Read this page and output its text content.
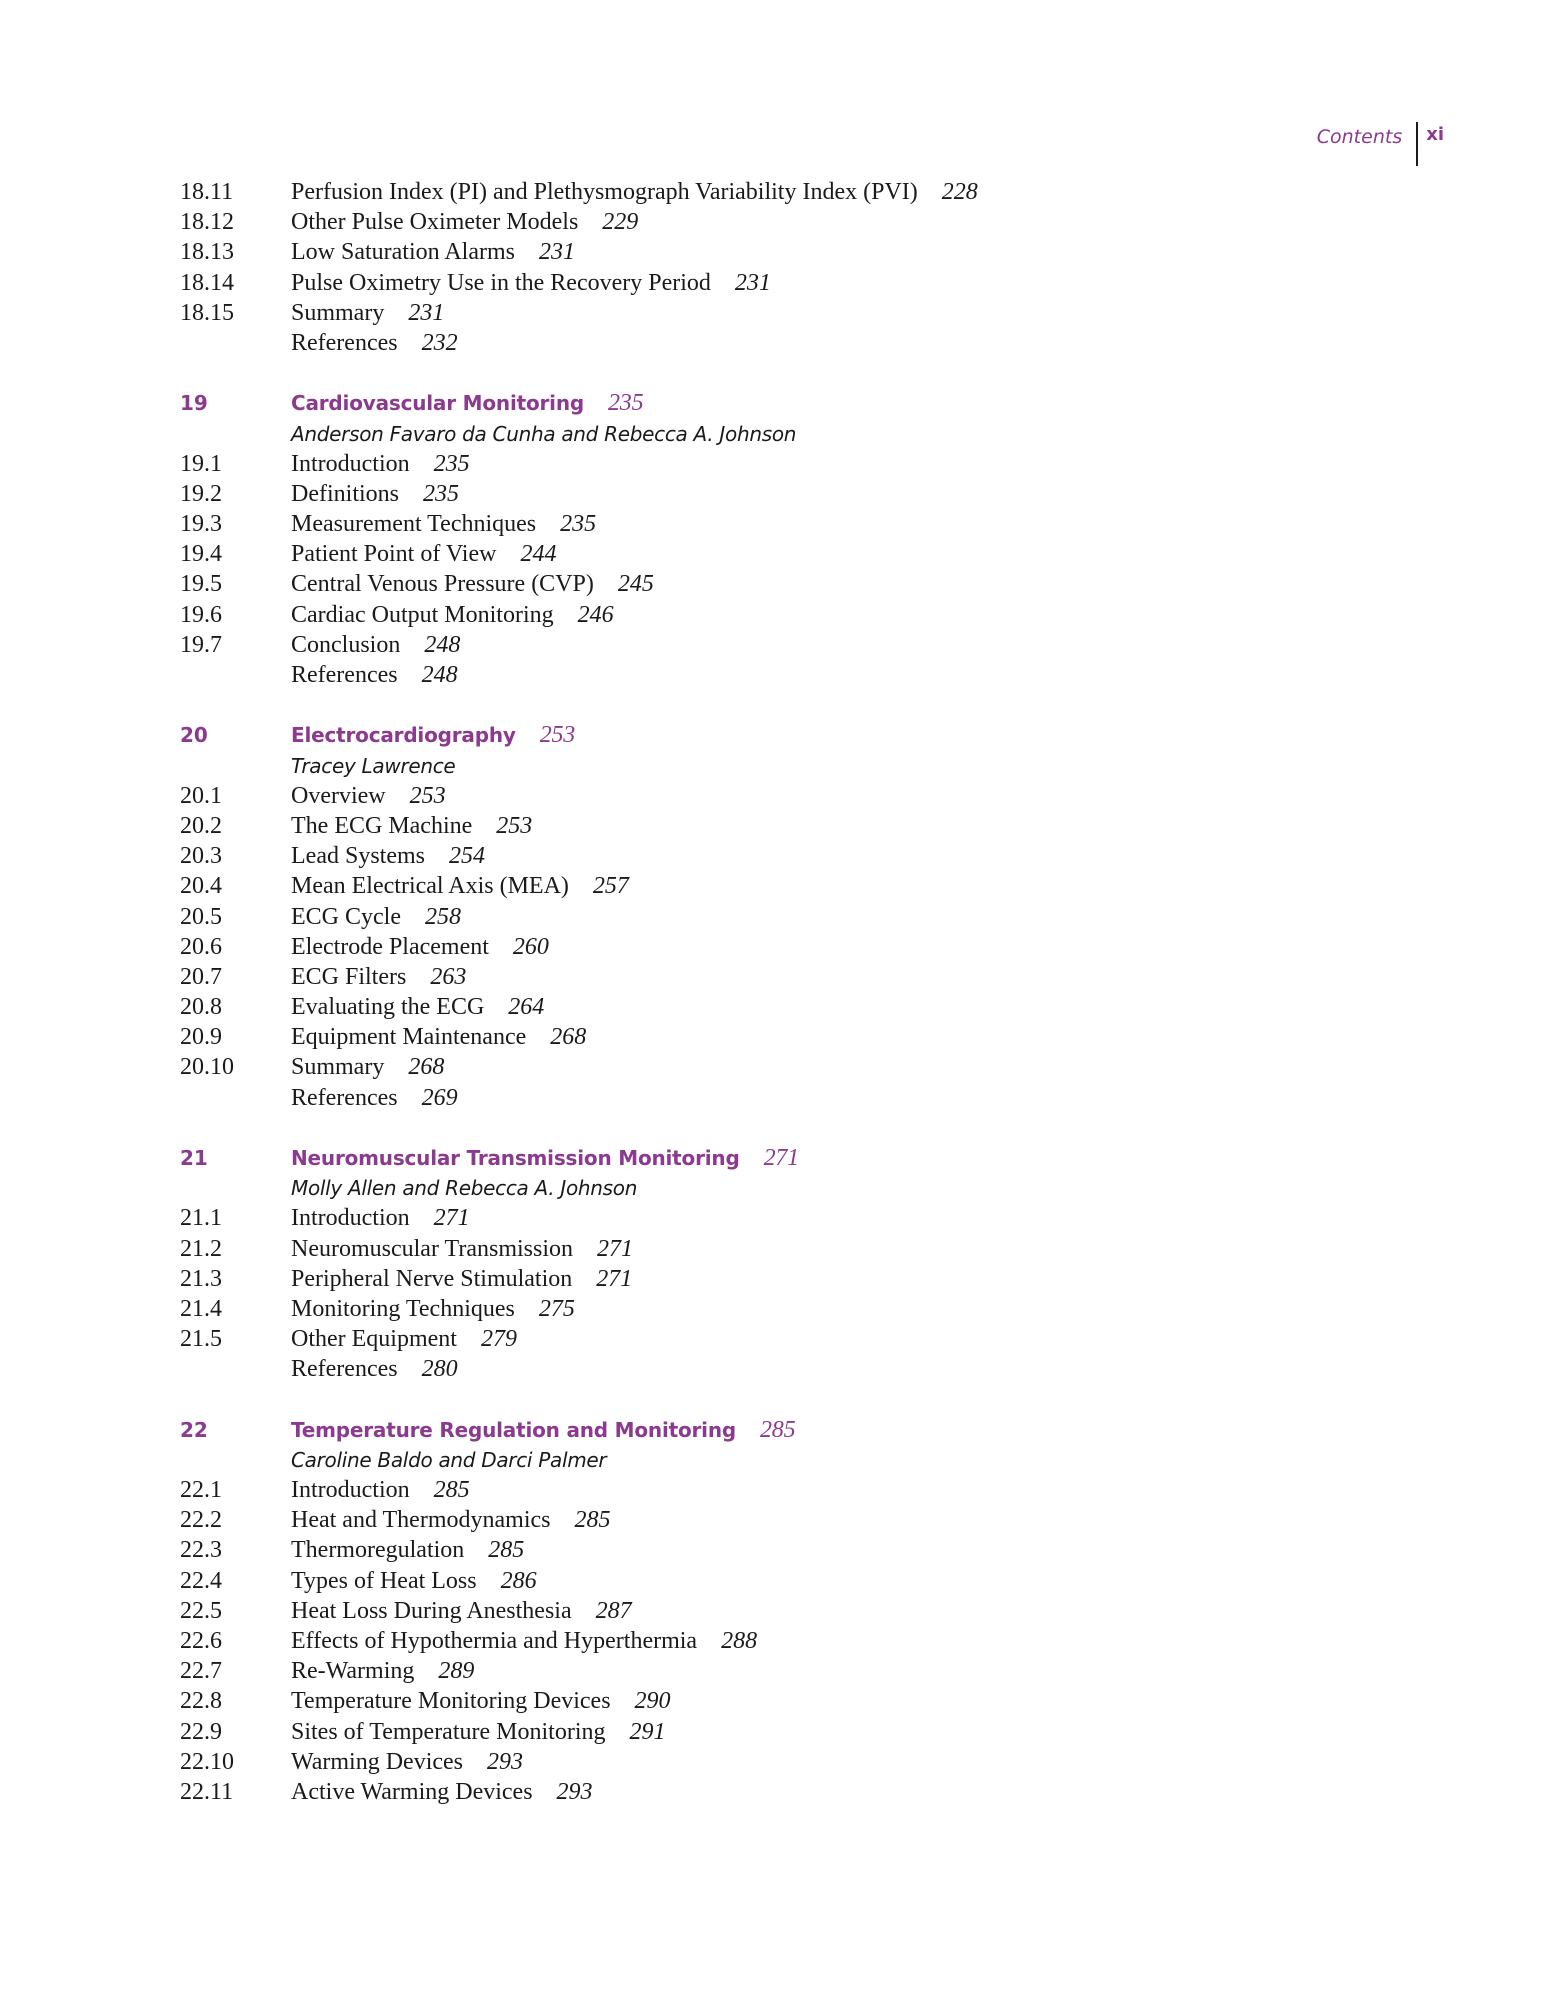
Contents	xi
18.11 Perfusion Index (PI) and Plethysmograph Variability Index (PVI) 228
18.12 Other Pulse Oximeter Models 229
18.13 Low Saturation Alarms 231
18.14 Pulse Oximetry Use in the Recovery Period 231
18.15 Summary 231
References 232
19	Cardiovascular Monitoring 235
Anderson Favaro da Cunha and Rebecca A. Johnson
19.1	Introduction 235
19.2	Definitions 235
19.3	Measurement Techniques 235
19.4	Patient Point of View 244
19.5	Central Venous Pressure (CVP) 245
19.6	Cardiac Output Monitoring 246
19.7	Conclusion 248
References 248
20	Electrocardiography 253
Tracey Lawrence
20.1	Overview 253
20.2	The ECG Machine 253
20.3	Lead Systems 254
20.4	Mean Electrical Axis (MEA) 257
20.5	ECG Cycle 258
20.6	Electrode Placement 260
20.7	ECG Filters 263
20.8	Evaluating the ECG 264
20.9	Equipment Maintenance 268
20.10 Summary 268
References 269
21	Neuromuscular Transmission Monitoring 271
Molly Allen and Rebecca A. Johnson
21.1	Introduction 271
21.2	Neuromuscular Transmission 271
21.3	Peripheral Nerve Stimulation 271
21.4	Monitoring Techniques 275
21.5	Other Equipment 279
References 280
22	Temperature Regulation and Monitoring 285
Caroline Baldo and Darci Palmer
22.1	Introduction 285
22.2	Heat and Thermodynamics 285
22.3	Thermoregulation 285
22.4	Types of Heat Loss 286
22.5	Heat Loss During Anesthesia 287
22.6	Effects of Hypothermia and Hyperthermia 288
22.7	Re-Warming 289
22.8	Temperature Monitoring Devices 290
22.9	Sites of Temperature Monitoring 291
22.10 Warming Devices 293
22.11 Active Warming Devices 293
